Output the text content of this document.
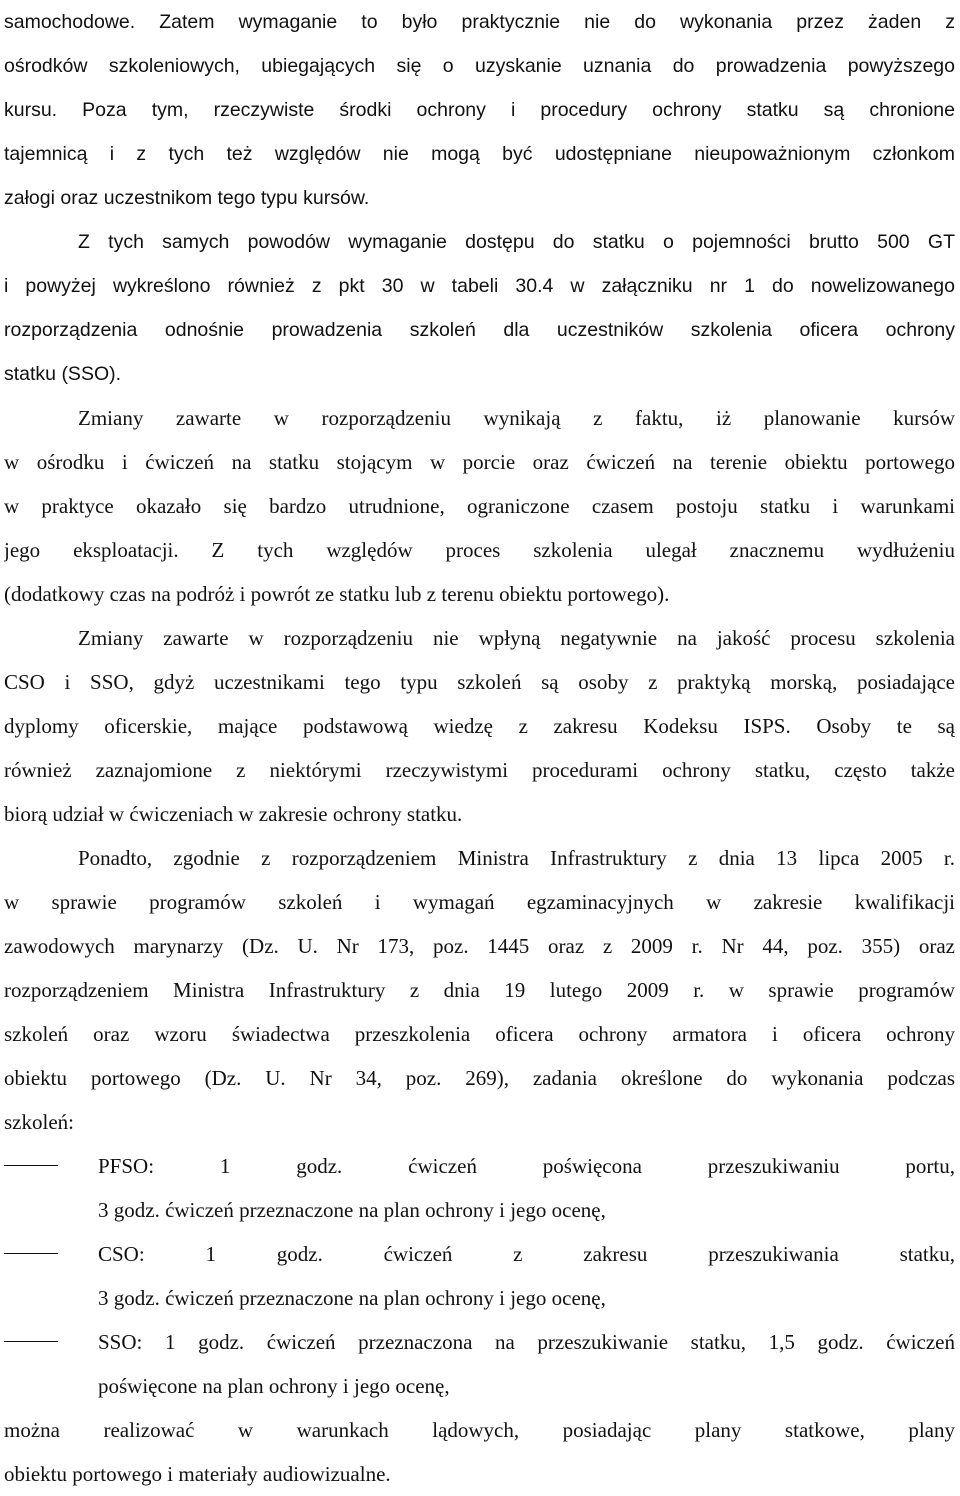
samochodowe. Zatem wymaganie to było praktycznie nie do wykonania przez żaden z
ośrodków szkoleniowych, ubiegających się o uzyskanie uznania do prowadzenia powyższego
kursu. Poza tym, rzeczywiste środki ochrony i procedury ochrony statku są chronione
tajemnicą i z tych też względów nie mogą być udostępniane nieupoważnionym członkom
załogi oraz uczestnikom tego typu kursów.
Z tych samych powodów wymaganie dostępu do statku o pojemności brutto 500 GT
i powyżej wykreślono również z pkt 30 w tabeli 30.4 w załączniku nr 1 do nowelizowanego
rozporządzenia odnośnie prowadzenia szkoleń dla uczestników szkolenia oficera ochrony
statku (SSO).
Zmiany zawarte w rozporządzeniu wynikają z faktu, iż planowanie kursów
w ośrodku i ćwiczeń na statku stojącym w porcie oraz ćwiczeń na terenie obiektu portowego
w praktyce okazało się bardzo utrudnione, ograniczone czasem postoju statku i warunkami
jego eksploatacji. Z tych względów proces szkolenia ulegał znacznemu wydłużeniu
(dodatkowy czas na podróż i powrót ze statku lub z terenu obiektu portowego).
Zmiany zawarte w rozporządzeniu nie wpłyną negatywnie na jakość procesu szkolenia
CSO i SSO, gdyż uczestnikami tego typu szkoleń są osoby z praktyką morską, posiadające
dyplomy oficerskie, mające podstawową wiedzę z zakresu Kodeksu ISPS. Osoby te są
również zaznajomione z niektórymi rzeczywistymi procedurami ochrony statku, często także
biorą udział w ćwiczeniach w zakresie ochrony statku.
Ponadto, zgodnie z rozporządzeniem Ministra Infrastruktury z dnia 13 lipca 2005 r.
w sprawie programów szkoleń i wymagań egzaminacyjnych w zakresie kwalifikacji
zawodowych marynarzy (Dz. U. Nr 173, poz. 1445 oraz z 2009 r. Nr 44, poz. 355) oraz
rozporządzeniem Ministra Infrastruktury z dnia 19 lutego 2009 r. w sprawie programów
szkoleń oraz wzoru świadectwa przeszkolenia oficera ochrony armatora i oficera ochrony
obiektu portowego (Dz. U. Nr 34, poz. 269), zadania określone do wykonania podczas
szkoleń:
PFSO: 1 godz. ćwiczeń poświęcona przeszukiwaniu portu,
3 godz. ćwiczeń przeznaczone na plan ochrony i jego ocenę,
CSO: 1 godz. ćwiczeń z zakresu przeszukiwania statku,
3 godz. ćwiczeń przeznaczone na plan ochrony i jego ocenę,
SSO: 1 godz. ćwiczeń przeznaczona na przeszukiwanie statku, 1,5 godz. ćwiczeń
poświęcone na plan ochrony i jego ocenę,
można realizować w warunkach lądowych, posiadając plany statkowe, plany
obiektu portowego i materiały audiowizualne.
